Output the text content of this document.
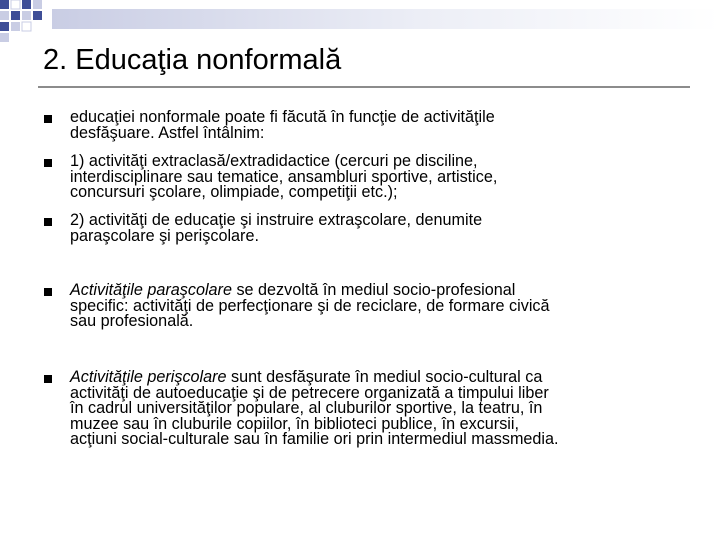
2. Educaţia nonformală
educaţiei nonformale poate fi făcută în funcţie de activităţile
desfăşuare. Astfel întâlnim:
1) activităţi extraclasă/extradidactice (cercuri pe disciline,
interdisciplinare sau tematice, ansambluri sportive, artistice,
concursuri şcolare, olimpiade, competiţii etc.);
2) activităţi de educaţie şi instruire extraşcolare, denumite
paraşcolare şi perişcolare.
Activităţile paraşcolare se dezvoltă în mediul socio-profesional
specific: activităţi de perfecţionare şi de reciclare, de formare civică
sau profesională.
Activităţile perişcolare sunt desfăşurate în mediul socio-cultural ca
activităţi de autoeducaţie şi de petrecere organizată a timpului liber
în cadrul universităţilor populare, al cluburilor sportive, la teatru, în
muzee sau în cluburile copiilor, în biblioteci publice, în excursii,
acţiuni social-culturale sau în familie ori prin intermediul massmedia.
